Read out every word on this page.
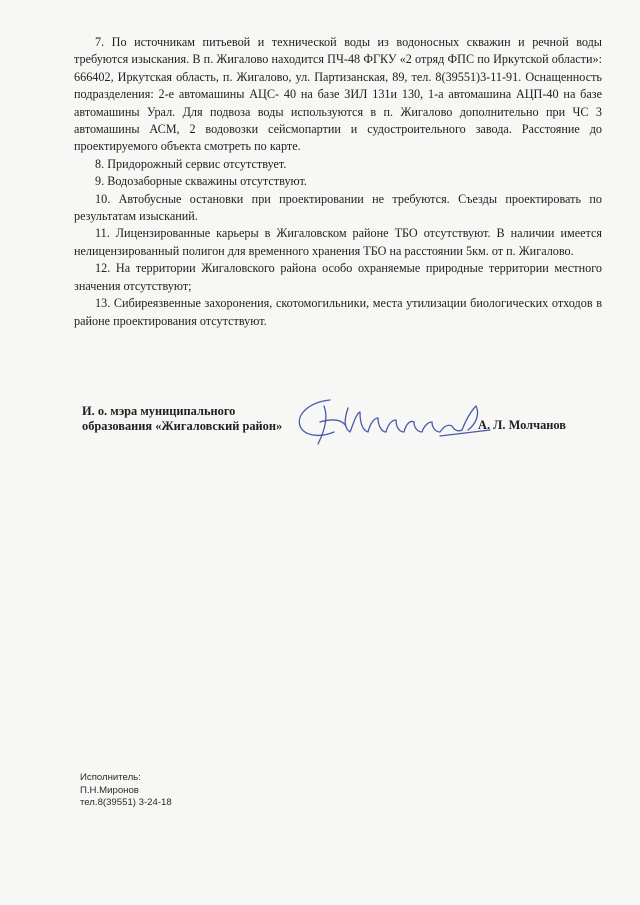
7. По источникам питьевой и технической воды из водоносных скважин и речной воды требуются изыскания. В п. Жигалово находится ПЧ-48 ФГКУ «2 отряд ФПС по Иркутской области»: 666402, Иркутская область, п. Жигалово, ул. Партизанская, 89, тел. 8(39551)3-11-91. Оснащенность подразделения: 2-е автомашины АЦС- 40 на базе ЗИЛ 131и 130, 1-а автомашина АЦП-40 на базе автомашины Урал. Для подвоза воды используются в п. Жигалово дополнительно при ЧС 3 автомашины АСМ, 2 водовозки сейсмопартии и судостроительного завода. Расстояние до проектируемого объекта смотреть по карте.

8. Придорожный сервис отсутствует.

9. Водозаборные скважины отсутствуют.

10. Автобусные остановки при проектировании не требуются. Съезды проектировать по результатам изысканий.

11. Лицензированные карьеры в Жигаловском районе ТБО отсутствуют. В наличии имеется нелицензированный полигон для временного хранения ТБО на расстоянии 5км. от п. Жигалово.

12. На территории Жигаловского района особо охраняемые природные территории местного значения отсутствуют;

13. Сибиреязвенные захоронения, скотомогильники, места утилизации биологических отходов в районе проектирования отсутствуют.

И. о. мэра муниципального
образования «Жигаловский район»	А. Л. Молчанов
Исполнитель:
П.Н.Миронов
тел.8(39551) 3-24-18
